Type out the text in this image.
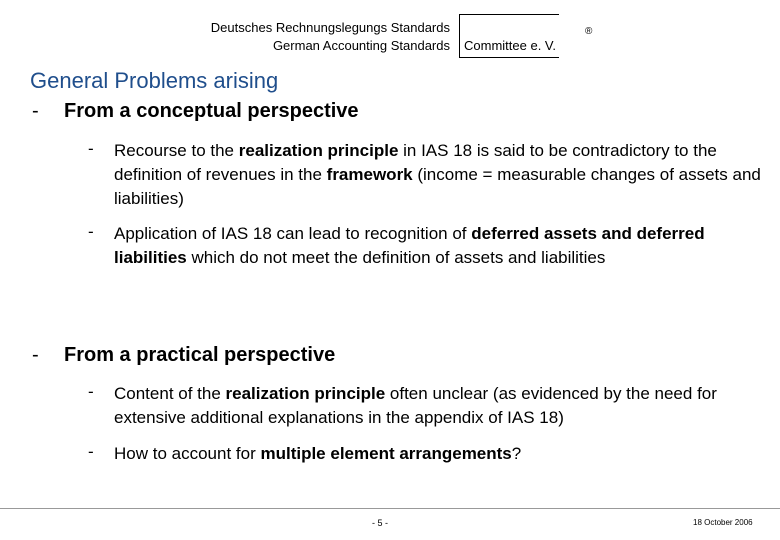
Deutsches Rechnungslegungs Standards
German Accounting Standards Committee e. V.
®
General Problems arising
- From a conceptual perspective
- Recourse to the realization principle in IAS 18 is said to be contradictory to the definition of revenues in the framework (income = measurable changes of assets and liabilities)
- Application of IAS 18 can lead to recognition of deferred assets and deferred liabilities which do not meet the definition of assets and liabilities
- From a practical perspective
- Content of the realization principle often unclear (as evidenced by the need for extensive additional explanations in the appendix of IAS 18)
- How to account for multiple element arrangements?
- 5 -	18 October 2006
